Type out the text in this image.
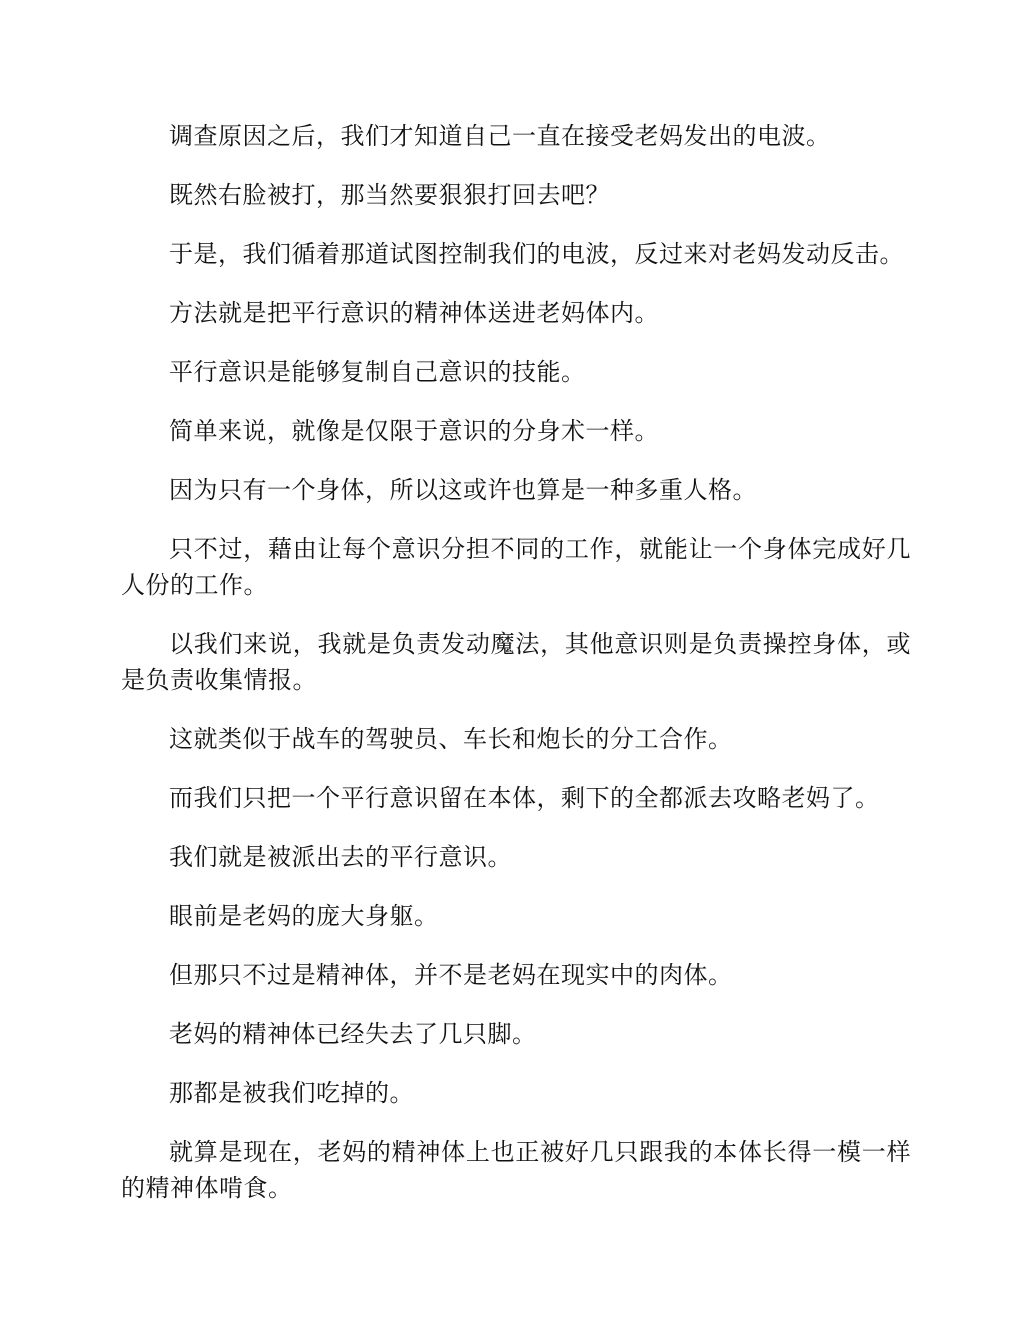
调查原因之后，我们才知道自己一直在接受老妈发出的电波。

既然右脸被打，那当然要狠狠打回去吧？

于是，我们循着那道试图控制我们的电波，反过来对老妈发动反击。

方法就是把平行意识的精神体送进老妈体内。

平行意识是能够复制自己意识的技能。

简单来说，就像是仅限于意识的分身术一样。

因为只有一个身体，所以这或许也算是一种多重人格。

只不过，藉由让每个意识分担不同的工作，就能让一个身体完成好几人份的工作。

以我们来说，我就是负责发动魔法，其他意识则是负责操控身体，或是负责收集情报。

这就类似于战车的驾驶员、车长和炮长的分工合作。

而我们只把一个平行意识留在本体，剩下的全都派去攻略老妈了。

我们就是被派出去的平行意识。

眼前是老妈的庞大身躯。

但那只不过是精神体，并不是老妈在现实中的肉体。

老妈的精神体已经失去了几只脚。

那都是被我们吃掉的。

就算是现在，老妈的精神体上也正被好几只跟我的本体长得一模一样的精神体啃食。
